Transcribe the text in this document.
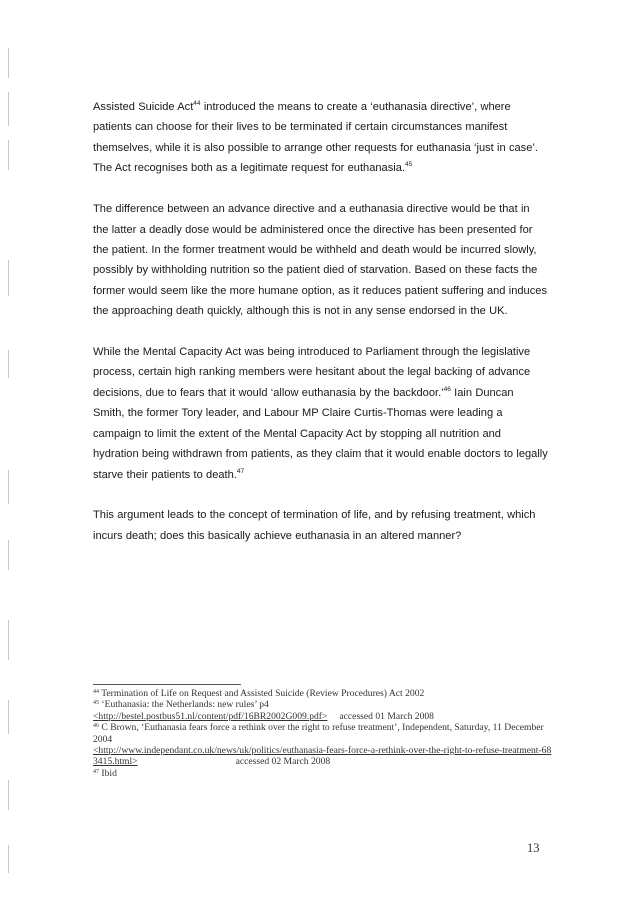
Assisted Suicide Act$^{44}$ introduced the means to create a ‘euthanasia directive’, where patients can choose for their lives to be terminated if certain circumstances manifest themselves, while it is also possible to arrange other requests for euthanasia ‘just in case’. The Act recognises both as a legitimate request for euthanasia.$^{45}$

The difference between an advance directive and a euthanasia directive would be that in the latter a deadly dose would be administered once the directive has been presented for the patient. In the former treatment would be withheld and death would be incurred slowly, possibly by withholding nutrition so the patient died of starvation. Based on these facts the former would seem like the more humane option, as it reduces patient suffering and induces the approaching death quickly, although this is not in any sense endorsed in the UK.

While the Mental Capacity Act was being introduced to Parliament through the legislative process, certain high ranking members were hesitant about the legal backing of advance decisions, due to fears that it would ‘allow euthanasia by the backdoor.’$^{46}$ Iain Duncan Smith, the former Tory leader, and Labour MP Claire Curtis-Thomas were leading a campaign to limit the extent of the Mental Capacity Act by stopping all nutrition and hydration being withdrawn from patients, as they claim that it would enable doctors to legally starve their patients to death.$^{47}$

This argument leads to the concept of termination of life, and by refusing treatment, which incurs death; does this basically achieve euthanasia in an altered manner?

$^{44}$ Termination of Life on Request and Assisted Suicide (Review Procedures) Act 2002
$^{45}$ ‘Euthanasia: the Netherlands: new rules’ p4
<http://bestel.postbus51.nl/content/pdf/16BR2002G009.pdf> accessed 01 March 2008
$^{46}$ C Brown, ‘Euthanasia fears force a rethink over the right to refuse treatment’, Independent, Saturday, 11 December 2004
<http://www.independant.co.uk/news/uk/politics/euthanasia-fears-force-a-rethink-over-the-right-to-refuse-treatment-683415.html>	accessed 02 March 2008
$^{47}$ Ibid
13
